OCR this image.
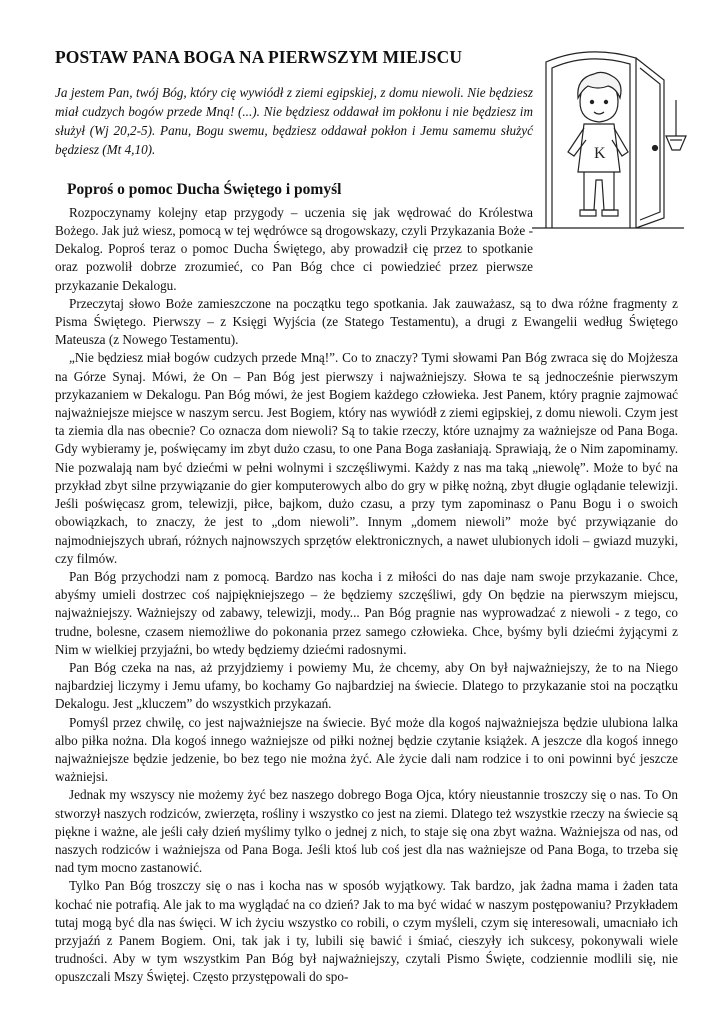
POSTAW PANA BOGA NA PIERWSZYM MIEJSCU

Ja jestem Pan, twój Bóg, który cię wywiódł z ziemi egipskiej, z domu niewoli. Nie będziesz miał cudzych bogów przede Mną! (...). Nie będziesz oddawał im pokłonu i nie będziesz im służył (Wj 20,2-5). Panu, Bogu swemu, będziesz oddawał pokłon i Jemu samemu służyć będziesz (Mt 4,10).

Poproś o pomoc Ducha Świętego i pomyśl

Rozpoczynamy kolejny etap przygody – uczenia się jak wędrować do Królestwa Bożego. Jak już wiesz, pomocą w tej wędrówce są drogowskazy, czyli Przykazania Boże - Dekalog. Poproś teraz o pomoc Ducha Świętego, aby prowadził cię przez to spotkanie oraz pozwolił dobrze zrozumieć, co Pan Bóg chce ci powiedzieć przez pierwsze przykazanie Dekalogu.

Przeczytaj słowo Boże zamieszczone na początku tego spotkania. Jak zauważasz, są to dwa różne fragmenty z Pisma Świętego. Pierwszy – z Księgi Wyjścia (ze Statego Testamentu), a drugi z Ewangelii według Świętego Mateusza (z Nowego Testamentu).

„Nie będziesz miał bogów cudzych przede Mną!”. Co to znaczy? Tymi słowami Pan Bóg zwraca się do Mojżesza na Górze Synaj. Mówi, że On – Pan Bóg jest pierwszy i najważniejszy. Słowa te są jednocześnie pierwszym przykazaniem w Dekalogu. Pan Bóg mówi, że jest Bogiem każdego człowieka. Jest Panem, który pragnie zajmować najważniejsze miejsce w naszym sercu. Jest Bogiem, który nas wywiódł z ziemi egipskiej, z domu niewoli. Czym jest ta ziemia dla nas obecnie? Co oznacza dom niewoli? Są to takie rzeczy, które uznajmy za ważniejsze od Pana Boga. Gdy wybieramy je, poświęcamy im zbyt dużo czasu, to one Pana Boga zasłaniają. Sprawiają, że o Nim zapominamy. Nie pozwalają nam być dziećmi w pełni wolnymi i szczęśliwymi. Każdy z nas ma taką „niewolę”. Może to być na przykład zbyt silne przywiązanie do gier komputerowych albo do gry w piłkę nożną, zbyt długie oglądanie telewizji. Jeśli poświęcasz grom, telewizji, piłce, bajkom, dużo czasu, a przy tym zapominasz o Panu Bogu i o swoich obowiązkach, to znaczy, że jest to „dom niewoli”. Innym „domem niewoli” może być przywiązanie do najmodniejszych ubrań, różnych najnowszych sprzętów elektronicznych, a nawet ulubionych idoli – gwiazd muzyki, czy filmów.

Pan Bóg przychodzi nam z pomocą. Bardzo nas kocha i z miłości do nas daje nam swoje przykazanie. Chce, abyśmy umieli dostrzec coś najpiękniejszego – że będziemy szczęśliwi, gdy On będzie na pierwszym miejscu, najważniejszy. Ważniejszy od zabawy, telewizji, mody... Pan Bóg pragnie nas wyprowadzać z niewoli - z tego, co trudne, bolesne, czasem niemożliwe do pokonania przez samego człowieka. Chce, byśmy byli dziećmi żyjącymi z Nim w wielkiej przyjaźni, bo wtedy będziemy dziećmi radosnymi.

Pan Bóg czeka na nas, aż przyjdziemy i powiemy Mu, że chcemy, aby On był najważniejszy, że to na Niego najbardziej liczymy i Jemu ufamy, bo kochamy Go najbardziej na świecie. Dlatego to przykazanie stoi na początku Dekalogu. Jest „kluczem” do wszystkich przykazań.

Pomyśl przez chwilę, co jest najważniejsze na świecie. Być może dla kogoś najważniejsza będzie ulubiona lalka albo piłka nożna. Dla kogoś innego ważniejsze od piłki nożnej będzie czytanie książek. A jeszcze dla kogoś innego najważniejsze będzie jedzenie, bo bez tego nie można żyć. Ale życie dali nam rodzice i to oni powinni być jeszcze ważniejsi.

Jednak my wszyscy nie możemy żyć bez naszego dobrego Boga Ojca, który nieustannie troszczy się o nas. To On stworzył naszych rodziców, zwierzęta, rośliny i wszystko co jest na ziemi. Dlatego też wszystkie rzeczy na świecie są piękne i ważne, ale jeśli cały dzień myślimy tylko o jednej z nich, to staje się ona zbyt ważna. Ważniejsza od nas, od naszych rodziców i ważniejsza od Pana Boga. Jeśli ktoś lub coś jest dla nas ważniejsze od Pana Boga, to trzeba się nad tym mocno zastanowić.

Tylko Pan Bóg troszczy się o nas i kocha nas w sposób wyjątkowy. Tak bardzo, jak żadna mama i żaden tata kochać nie potrafią. Ale jak to ma wyglądać na co dzień? Jak to ma być widać w naszym postępowaniu? Przykładem tutaj mogą być dla nas święci. W ich życiu wszystko co robili, o czym myśleli, czym się interesowali, umacniało ich przyjaźń z Panem Bogiem. Oni, tak jak i ty, lubili się bawić i śmiać, cieszyły ich sukcesy, pokonywali wiele trudności. Aby w tym wszystkim Pan Bóg był najważniejszy, czytali Pismo Święte, codziennie modlili się, nie opuszczali Mszy Świętej. Często przystępowali do spo-

K
